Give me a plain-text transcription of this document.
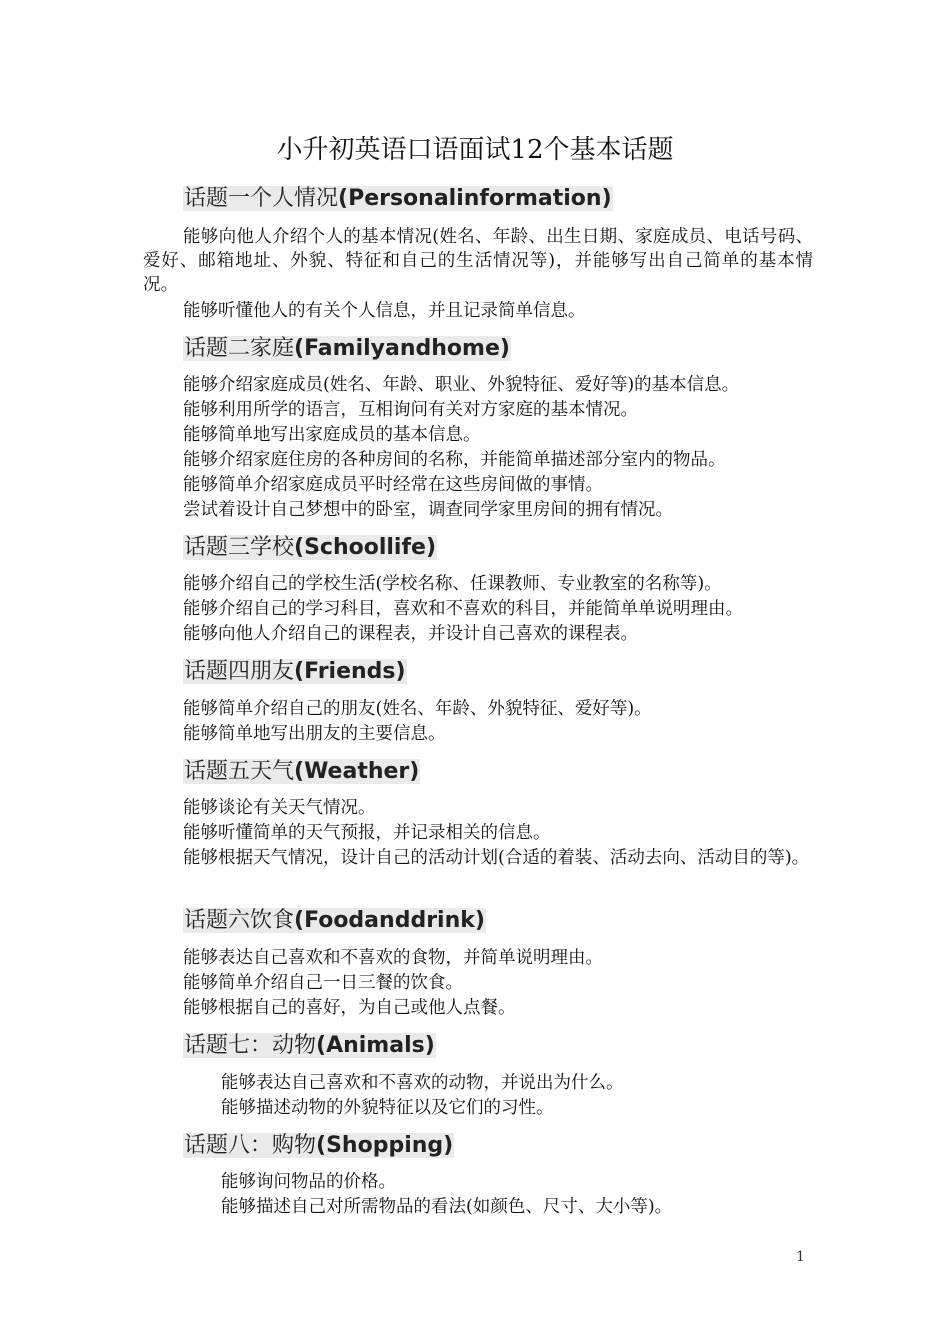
小升初英语口语面试12个基本话题
话题一个人情况(Personalinformation)
能够向他人介绍个人的基本情况(姓名、年龄、出生日期、家庭成员、电话号码、爱好、邮箱地址、外貌、特征和自己的生活情况等)，并能够写出自己简单的基本情况。
能够听懂他人的有关个人信息，并且记录简单信息。
话题二家庭(Familyandhome)
能够介绍家庭成员(姓名、年龄、职业、外貌特征、爱好等)的基本信息。
能够利用所学的语言，互相询问有关对方家庭的基本情况。
能够简单地写出家庭成员的基本信息。
能够介绍家庭住房的各种房间的名称，并能简单描述部分室内的物品。
能够简单介绍家庭成员平时经常在这些房间做的事情。
尝试着设计自己梦想中的卧室，调查同学家里房间的拥有情况。
话题三学校(Schoollife)
能够介绍自己的学校生活(学校名称、任课教师、专业教室的名称等)。
能够介绍自己的学习科目，喜欢和不喜欢的科目，并能简单单说明理由。
能够向他人介绍自己的课程表，并设计自己喜欢的课程表。
话题四朋友(Friends)
能够简单介绍自己的朋友(姓名、年龄、外貌特征、爱好等)。
能够简单地写出朋友的主要信息。
话题五天气(Weather)
能够谈论有关天气情况。
能够听懂简单的天气预报，并记录相关的信息。
能够根据天气情况，设计自己的活动计划(合适的着装、活动去向、活动目的等)。
话题六饮食(Foodanddrink)
能够表达自己喜欢和不喜欢的食物，并简单说明理由。
能够简单介绍自己一日三餐的饮食。
能够根据自己的喜好，为自己或他人点餐。
话题七：动物(Animals)
能够表达自己喜欢和不喜欢的动物，并说出为什么。
能够描述动物的外貌特征以及它们的习性。
话题八：购物(Shopping)
能够询问物品的价格。
能够描述自己对所需物品的看法(如颜色、尺寸、大小等)。
1
